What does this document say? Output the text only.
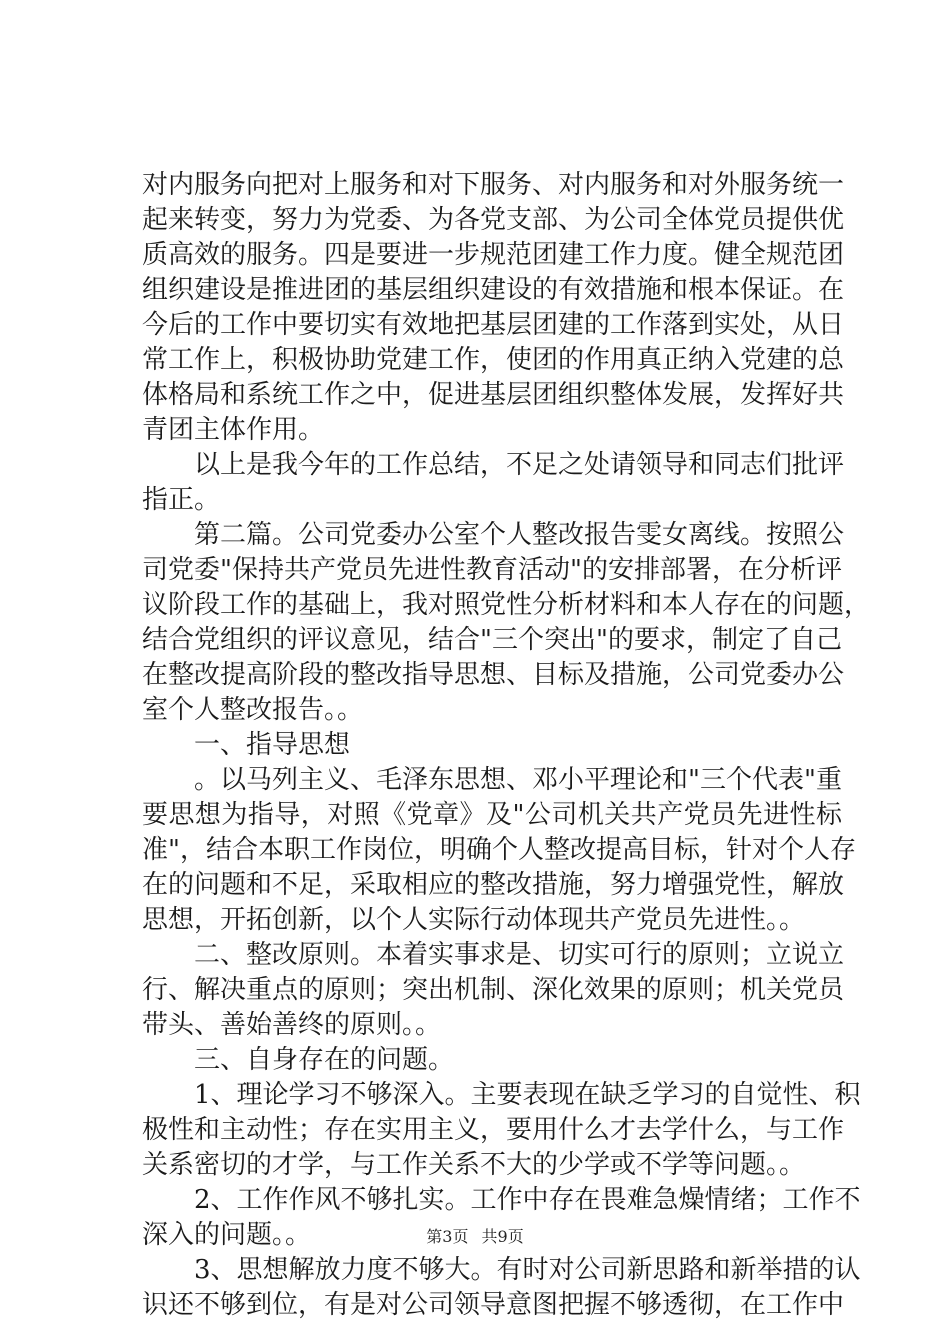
对内服务向把对上服务和对下服务、对内服务和对外服务统一
起来转变，努力为党委、为各党支部、为公司全体党员提供优
质高效的服务。四是要进一步规范团建工作力度。健全规范团
组织建设是推进团的基层组织建设的有效措施和根本保证。在
今后的工作中要切实有效地把基层团建的工作落到实处，从日
常工作上，积极协助党建工作，使团的作用真正纳入党建的总
体格局和系统工作之中，促进基层团组织整体发展，发挥好共
青团主体作用。
　　以上是我今年的工作总结，不足之处请领导和同志们批评
指正。
　　第二篇。公司党委办公室个人整改报告雯女离线。按照公
司党委"保持共产党员先进性教育活动"的安排部署，在分析评
议阶段工作的基础上，我对照党性分析材料和本人存在的问题，
结合党组织的评议意见，结合"三个突出"的要求，制定了自己
在整改提高阶段的整改指导思想、目标及措施，公司党委办公
室个人整改报告。。
　　一、指导思想
　　。以马列主义、毛泽东思想、邓小平理论和"三个代表"重
要思想为指导，对照《党章》及"公司机关共产党员先进性标
准"，结合本职工作岗位，明确个人整改提高目标，针对个人存
在的问题和不足，采取相应的整改措施，努力增强党性，解放
思想，开拓创新，以个人实际行动体现共产党员先进性。。
　　二、整改原则。本着实事求是、切实可行的原则；立说立
行、解决重点的原则；突出机制、深化效果的原则；机关党员
带头、善始善终的原则。。
　　三、自身存在的问题。
　　1、理论学习不够深入。主要表现在缺乏学习的自觉性、积
极性和主动性；存在实用主义，要用什么才去学什么，与工作
关系密切的才学，与工作关系不大的少学或不学等问题。。
　　2、工作作风不够扎实。工作中存在畏难急燥情绪；工作不
深入的问题。。
　　3、思想解放力度不够大。有时对公司新思路和新举措的认
识还不够到位，有是对公司领导意图把握不够透彻，在工作中
第3页 共9页
